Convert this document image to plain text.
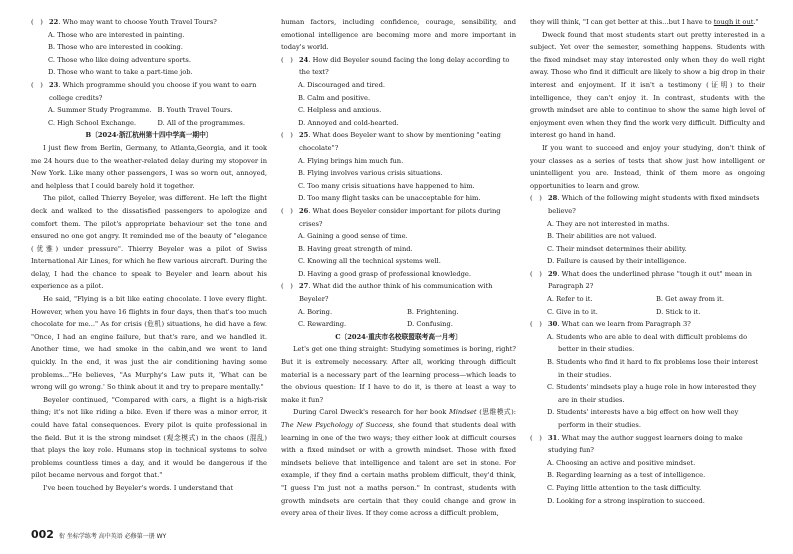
(　) 22. Who may want to choose Youth Travel Tours?

A. Those who are interested in painting.

B. Those who are interested in cooking.

C. Those who like doing adventure sports.

D. Those who want to take a part-time job.

(　) 23. Which programme should you choose if you want to earn college credits?

A. Summer Study Programme. B. Youth Travel Tours.

C. High School Exchange.	D. All of the programmes.

B〔2024·浙江杭州第十四中学高一期中〕

I just flew from Berlin, Germany, to Atlanta,Georgia, and it took me 24 hours due to the weather-related delay during my stopover in New York. Like many other passengers, I was so worn out, annoyed, and helpless that I could barely hold it together.

The pilot, called Thierry Beyeler, was different. He left the flight deck and walked to the dissatisfied passengers to apologize and comfort them. The pilot's appropriate behaviour set the tone and ensured no one got angry. It reminded me of the beauty of "elegance (优雅) under pressure". Thierry Beyeler was a pilot of Swiss International Air Lines, for which he flew various aircraft. During the delay, I had the chance to speak to Beyeler and learn about his experience as a pilot.

He said, "Flying is a bit like eating chocolate. I love every flight. However, when you have 16 flights in four days, then that's too much chocolate for me..." As for crisis (危机) situations, he did have a few. "Once, I had an engine failure, but that's rare, and we handled it. Another time, we had smoke in the cabin,and we went to land quickly. In the end, it was just the air conditioning having some problems..."He believes, "As Murphy's Law puts it, 'What can be wrong will go wrong.' So think about it and try to prepare mentally."

Beyeler continued, "Compared with cars, a flight is a high-risk thing; it's not like riding a bike. Even if there was a minor error, it could have fatal consequences. Every pilot is quite professional in the field. But it is the strong mindset (观念模式) in the chaos (混乱) that plays the key role. Humans stop in technical systems to solve problems countless times a day, and it would be dangerous if the pilot became nervous and forgot that."

I've been touched by Beyeler's words. I understand that

human factors, including confidence, courage, sensibility, and emotional intelligence are becoming more and more important in today's world.

(　) 24. How did Beyeler sound facing the long delay according to the text?

A. Discouraged and tired.

B. Calm and positive.

C. Helpless and anxious.

D. Annoyed and cold-hearted.

(　) 25. What does Beyeler want to show by mentioning "eating chocolate"?

A. Flying brings him much fun.

B. Flying involves various crisis situations.

C. Too many crisis situations have happened to him.

D. Too many flight tasks can be unacceptable for him.

(　) 26. What does Beyeler consider important for pilots during crises?

A. Gaining a good sense of time.

B. Having great strength of mind.

C. Knowing all the technical systems well.

D. Having a good grasp of professional knowledge.

(　) 27. What did the author think of his communication with Beyeler?

A. Boring.	B. Frightening.

C. Rewarding.	D. Confusing.

C〔2024·重庆市名校联盟联考高一月考〕

Let's get one thing straight: Studying sometimes is boring, right? But it is extremely necessary. After all, working through difficult material is a necessary part of the learning process—which leads to the obvious question: If I have to do it, is there at least a way to make it fun?

During Carol Dweck's research for her book Mindset (思维模式): The New Psychology of Success, she found that students deal with learning in one of the two ways; they either look at difficult courses with a fixed mindset or with a growth mindset. Those with fixed mindsets believe that intelligence and talent are set in stone. For example, if they find a certain maths problem difficult, they'd think, "I guess I'm just not a maths person." In contrast, students with growth mindsets are certain that they could change and grow in every area of their lives. If they come across a difficult problem,

they will think, "I can get better at this...but I have to tough it out."

Dweck found that most students start out pretty interested in a subject. Yet over the semester, something happens. Students with the fixed mindset may stay interested only when they do well right away. Those who find it difficult are likely to show a big drop in their interest and enjoyment. If it isn't a testimony (证明) to their intelligence, they can't enjoy it. In contrast, students with the growth mindset are able to continue to show the same high level of enjoyment even when they find the work very difficult. Difficulty and interest go hand in hand.

If you want to succeed and enjoy your studying, don't think of your classes as a series of tests that show just how intelligent or unintelligent you are. Instead, think of them more as ongoing opportunities to learn and grow.

(　) 28. Which of the following might students with fixed mindsets believe?

A. They are not interested in maths.

B. Their abilities are not valued.

C. Their mindset determines their ability.

D. Failure is caused by their intelligence.

(　) 29. What does the underlined phrase "tough it out" mean in Paragraph 2?

A. Refer to it.	B. Get away from it.

C. Give in to it.	D. Stick to it.

(　) 30. What can we learn from Paragraph 3?

A. Students who are able to deal with difficult problems do better in their studies.

B. Students who find it hard to fix problems lose their interest in their studies.

C. Students' mindsets play a huge role in how interested they are in their studies.

D. Students' interests have a big effect on how well they perform in their studies.

(　) 31. What may the author suggest learners doing to make studying fun?

A. Choosing an active and positive mindset.

B. Regarding learning as a test of intelligence.

C. Paying little attention to the task difficulty.

D. Looking for a strong inspiration to succeed.

002 衔 坐标学练考 高中英语 必修第一册 WY
